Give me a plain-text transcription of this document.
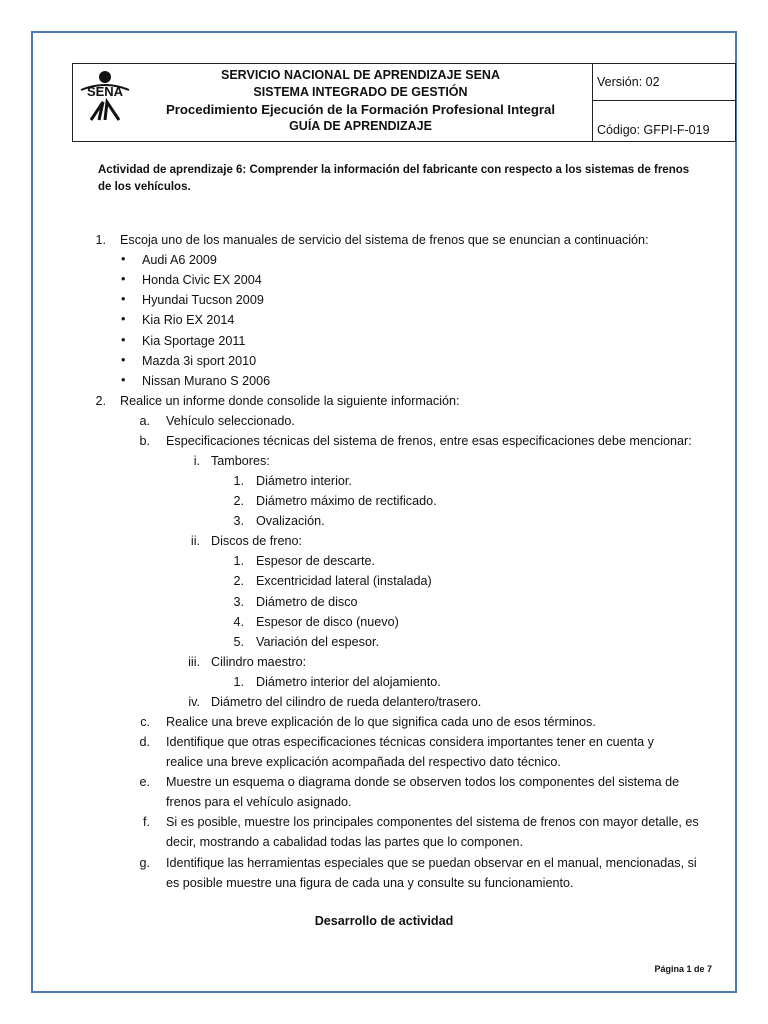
SENA
SERVICIO NACIONAL DE APRENDIZAJE SENA
SISTEMA INTEGRADO DE GESTIÓN
Procedimiento Ejecución de la Formación Profesional Integral
GUÍA DE APRENDIZAJE
Versión: 02
Código: GFPI-F-019
Actividad de aprendizaje 6: Comprender la información del fabricante con respecto a los sistemas de frenos de los vehículos.
1. Escoja uno de los manuales de servicio del sistema de frenos que se enuncian a continuación:
• Audi A6 2009
• Honda Civic EX 2004
• Hyundai Tucson 2009
• Kia Rio EX 2014
• Kia Sportage 2011
• Mazda 3i sport 2010
• Nissan Murano S 2006
2. Realice un informe donde consolide la siguiente información:
a. Vehículo seleccionado.
b. Especificaciones técnicas del sistema de frenos, entre esas especificaciones debe mencionar:
i. Tambores:
1. Diámetro interior.
2. Diámetro máximo de rectificado.
3. Ovalización.
ii. Discos de freno:
1. Espesor de descarte.
2. Excentricidad lateral (instalada)
3. Diámetro de disco
4. Espesor de disco (nuevo)
5. Variación del espesor.
iii. Cilindro maestro:
1. Diámetro interior del alojamiento.
iv. Diámetro del cilindro de rueda delantero/trasero.
c. Realice una breve explicación de lo que significa cada uno de esos términos.
d. Identifique que otras especificaciones técnicas considera importantes tener en cuenta y
realice una breve explicación acompañada del respectivo dato técnico.
e. Muestre un esquema o diagrama donde se observen todos los componentes del sistema de
frenos para el vehículo asignado.
f. Si es posible, muestre los principales componentes del sistema de frenos con mayor detalle, es
decir, mostrando a cabalidad todas las partes que lo componen.
g. Identifique las herramientas especiales que se puedan observar en el manual, mencionadas, si
es posible muestre una figura de cada una y consulte su funcionamiento.
Desarrollo de actividad
Página 1 de 7
